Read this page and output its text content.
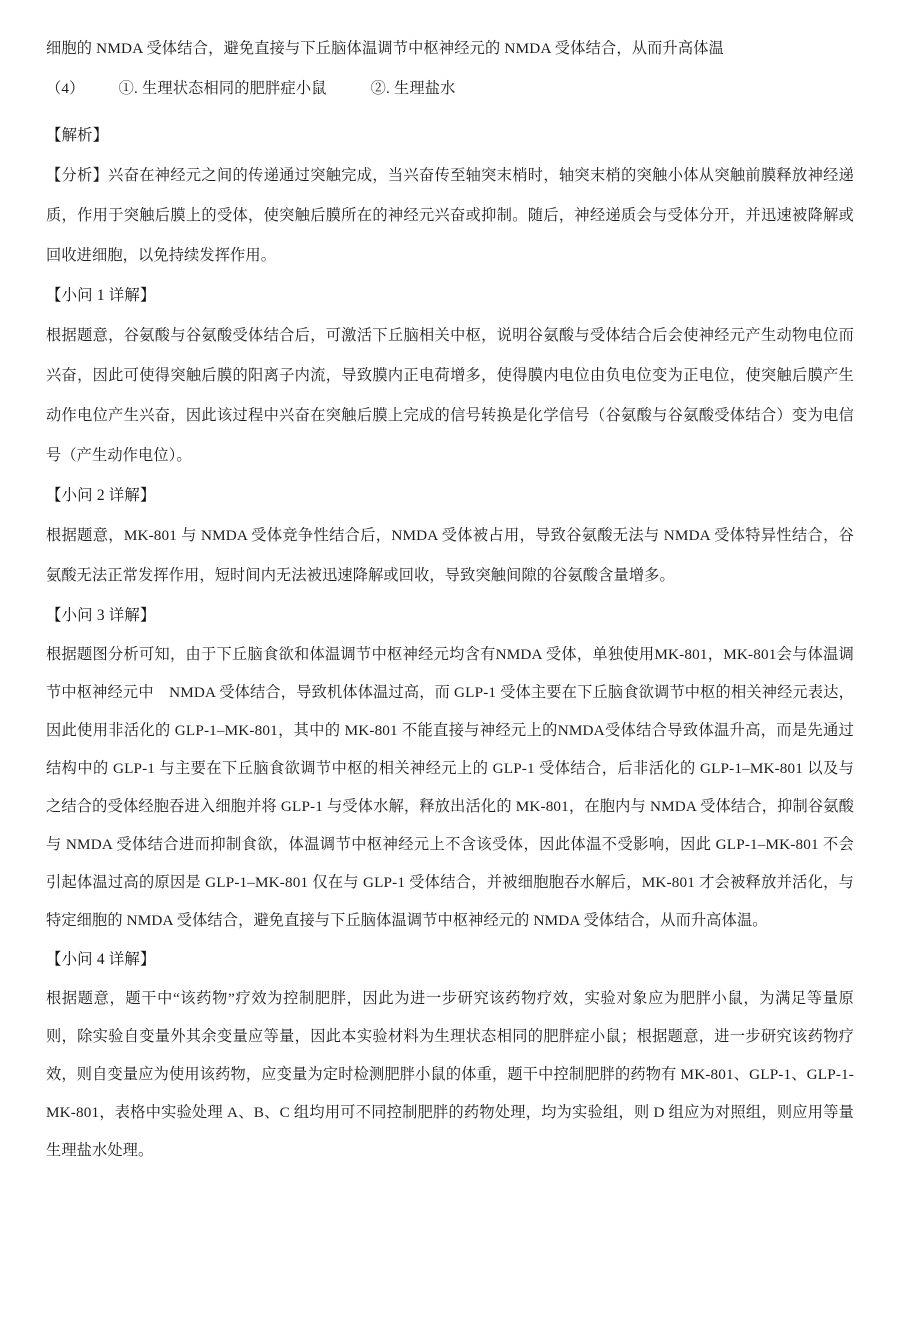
细胞的 NMDA 受体结合，避免直接与下丘脑体温调节中枢神经元的 NMDA 受体结合，从而升高体温
（4） ①. 生理状态相同的肥胖症小鼠	②. 生理盐水
【解析】
【分析】兴奋在神经元之间的传递通过突触完成，当兴奋传至轴突末梢时，轴突末梢的突触小体从突触前膜释放神经递质，作用于突触后膜上的受体，使突触后膜所在的神经元兴奋或抑制。随后，神经递质会与受体分开，并迅速被降解或回收进细胞，以免持续发挥作用。
【小问 1 详解】
根据题意，谷氨酸与谷氨酸受体结合后，可激活下丘脑相关中枢，说明谷氨酸与受体结合后会使神经元产生动物电位而兴奋，因此可使得突触后膜的阳离子内流，导致膜内正电荷增多，使得膜内电位由负电位变为正电位，使突触后膜产生动作电位产生兴奋，因此该过程中兴奋在突触后膜上完成的信号转换是化学信号（谷氨酸与谷氨酸受体结合）变为电信号（产生动作电位）。
【小问 2 详解】
根据题意，MK-801 与 NMDA 受体竞争性结合后，NMDA 受体被占用，导致谷氨酸无法与 NMDA 受体特异性结合，谷氨酸无法正常发挥作用，短时间内无法被迅速降解或回收，导致突触间隙的谷氨酸含量增多。
【小问 3 详解】
根据题图分析可知，由于下丘脑食欲和体温调节中枢神经元均含有NMDA 受体，单独使用MK-801，MK-801会与体温调节中枢神经元中　NMDA 受体结合，导致机体体温过高，而 GLP-1 受体主要在下丘脑食欲调节中枢的相关神经元表达，因此使用非活化的 GLP-1–MK-801，其中的 MK-801 不能直接与神经元上的NMDA受体结合导致体温升高，而是先通过结构中的 GLP-1 与主要在下丘脑食欲调节中枢的相关神经元上的 GLP-1 受体结合，后非活化的 GLP-1–MK-801 以及与之结合的受体经胞吞进入细胞并将 GLP-1 与受体水解，释放出活化的 MK-801，在胞内与 NMDA 受体结合，抑制谷氨酸与 NMDA 受体结合进而抑制食欲，体温调节中枢神经元上不含该受体，因此体温不受影响，因此 GLP-1–MK-801 不会引起体温过高的原因是 GLP-1–MK-801 仅在与 GLP-1 受体结合，并被细胞胞吞水解后，MK-801 才会被释放并活化，与特定细胞的 NMDA 受体结合，避免直接与下丘脑体温调节中枢神经元的 NMDA 受体结合，从而升高体温。
【小问 4 详解】
根据题意，题干中“该药物”疗效为控制肥胖，因此为进一步研究该药物疗效，实验对象应为肥胖小鼠，为满足等量原则，除实验自变量外其余变量应等量，因此本实验材料为生理状态相同的肥胖症小鼠；根据题意，进一步研究该药物疗效，则自变量应为使用该药物，应变量为定时检测肥胖小鼠的体重，题干中控制肥胖的药物有 MK-801、GLP-1、GLP-1-MK-801，表格中实验处理 A、B、C 组均用可不同控制肥胖的药物处理，均为实验组，则 D 组应为对照组，则应用等量生理盐水处理。
